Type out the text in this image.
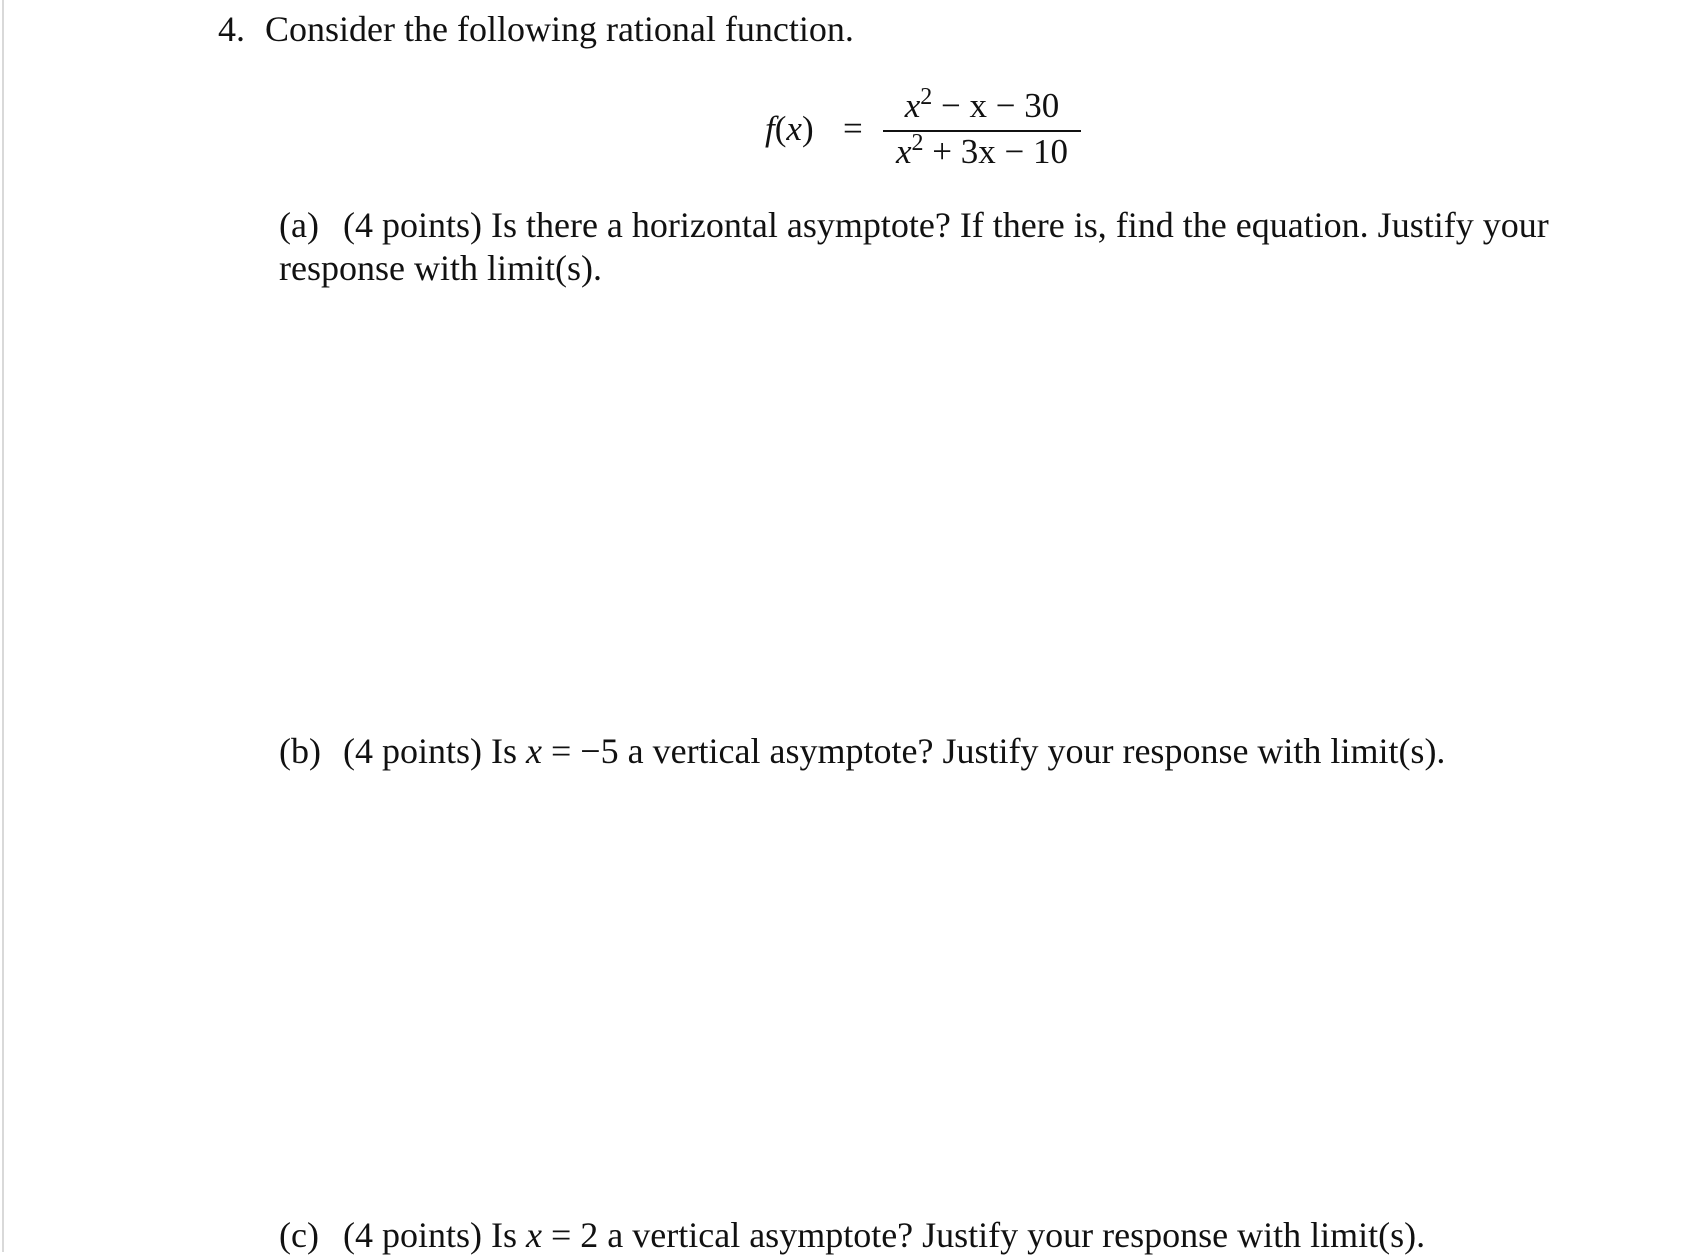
4. Consider the following rational function.
f(x) =
$x^2 - x - 30$
$x^2 + 3x - 10$
(a) (4 points) Is there a horizontal asymptote? If there is, find the equation. Justify your response with limit(s).
(b) (4 points) Is x = −5 a vertical asymptote? Justify your response with limit(s).
(c) (4 points) Is x = 2 a vertical asymptote? Justify your response with limit(s).
